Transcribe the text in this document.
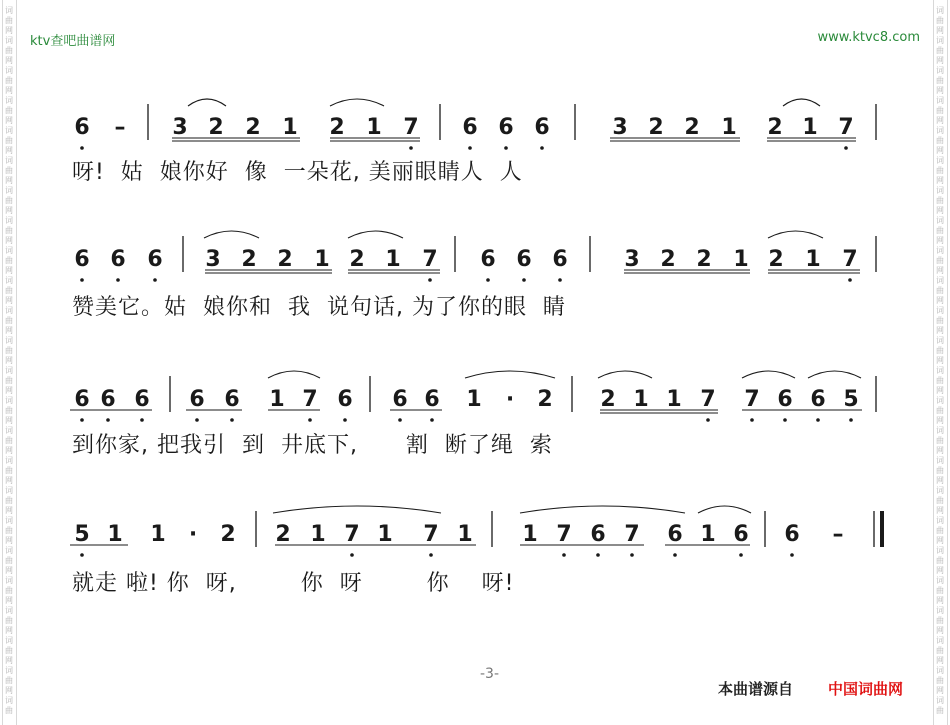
词
曲
网
词
曲
网
词
曲
网
词
曲
网
词
曲
网
词
曲
网
词
曲
网
词
曲
网
词
曲
网
词
曲
网
词
曲
网
词
曲
网
词
曲
网
词
曲
网
词
曲
网
词
曲
网
词
曲
网
词
曲
网
词
曲
网
词
曲
网
词
曲
网
词
曲
网
词
曲
网
词
曲
词
曲
网
词
曲
网
词
曲
网
词
曲
网
词
曲
网
词
曲
网
词
曲
网
词
曲
网
词
曲
网
词
曲
网
词
曲
网
词
曲
网
词
曲
网
词
曲
网
词
曲
网
词
曲
网
词
曲
网
词
曲
网
词
曲
网
词
曲
网
词
曲
网
词
曲
网
词
曲
网
词
曲
ktv查吧曲谱网	www.ktvc8.com
6 – 3 2 2 1 2 1 7 6 6 6	3 2 2 1 2 1 7
6 6 6 3 2 2 1 2 1 7 6 6 6	3 2 2 1 2 1 7
6 6 6 6 6 1 7 6 6 6 1 · 2 2 1 1 7 7 6 6 5
5 1 1 · 2 2 1 7 1 7 1 1 7 6 7 6 1 6 6 –
呀!  姑  娘你好  像  一朵花, 美丽眼睛人  人
赞美它。姑  娘你和  我  说句话, 为了你的眼  睛
到你家, 把我引  到  井底下,      割  断了绳  索
就走 啦! 你  呀,        你  呀        你    呀!
-3-
本曲谱源自 中国词曲网
